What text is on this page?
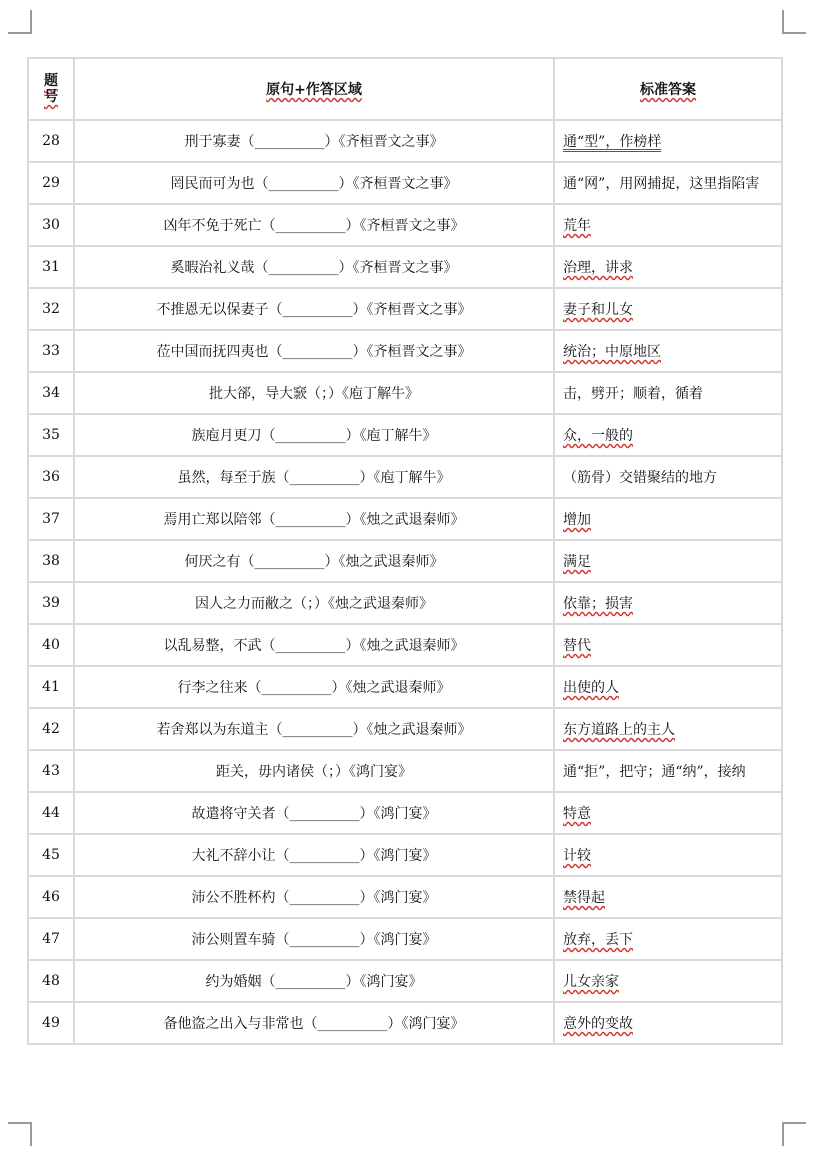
题号	原句+作答区域	标准答案
28	刑于寡妻（__________）《齐桓晋文之事》	通“型”，作榜样
29	罔民而可为也（__________）《齐桓晋文之事》	通“网”，用网捕捉，这里指陷害
30	凶年不免于死亡（__________）《齐桓晋文之事》	荒年
31	奚暇治礼义哉（__________）《齐桓晋文之事》	治理，讲求
32	不推恩无以保妻子（__________）《齐桓晋文之事》	妻子和儿女
33	莅中国而抚四夷也（__________）《齐桓晋文之事》	统治；中原地区
34	批大郤，导大窾（；）《庖丁解牛》	击，劈开；顺着，循着
35	族庖月更刀（__________）《庖丁解牛》	众，一般的
36	虽然，每至于族（__________）《庖丁解牛》	（筋骨）交错聚结的地方
37	焉用亡郑以陪邻（__________）《烛之武退秦师》	增加
38	何厌之有（__________）《烛之武退秦师》	满足
39	因人之力而敝之（；）《烛之武退秦师》	依靠；损害
40	以乱易整，不武（__________）《烛之武退秦师》	替代
41	行李之往来（__________）《烛之武退秦师》	出使的人
42	若舍郑以为东道主（__________）《烛之武退秦师》	东方道路上的主人
43	距关，毋内诸侯（；）《鸿门宴》	通“拒”，把守；通“纳”，接纳
44	故遣将守关者（__________）《鸿门宴》	特意
45	大礼不辞小让（__________）《鸿门宴》	计较
46	沛公不胜杯杓（__________）《鸿门宴》	禁得起
47	沛公则置车骑（__________）《鸿门宴》	放弃，丢下
48	约为婚姻（__________）《鸿门宴》	儿女亲家
49	备他盗之出入与非常也（__________）《鸿门宴》	意外的变故
